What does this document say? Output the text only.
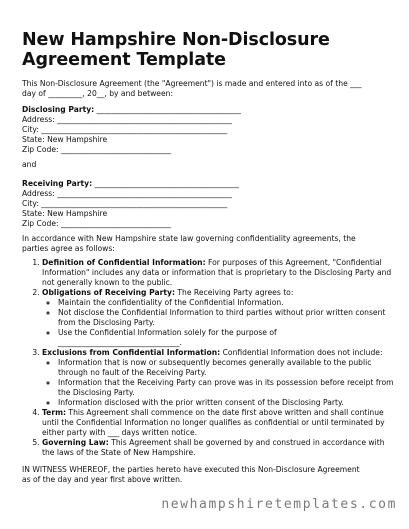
New Hampshire Non-Disclosure
Agreement Template
This Non-Disclosure Agreement (the "Agreement") is made and entered into as of the ___
day of _________, 20__, by and between:
Disclosing Party: ______________________________________
Address: ______________________________________________
City: _________________________________________________
State: New Hampshire
Zip Code: _____________________________
and
Receiving Party: ______________________________________
Address: ______________________________________________
City: _________________________________________________
State: New Hampshire
Zip Code: _____________________________
In accordance with New Hampshire state law governing confidentiality agreements, the
parties agree as follows:
1. Definition of Confidential Information: For purposes of this Agreement, "Confidential Information" includes any data or information that is proprietary to the Disclosing Party and not generally known to the public.
2. Obligations of Receiving Party: The Receiving Party agrees to:
◦ Maintain the confidentiality of the Confidential Information.
◦ Not disclose the Confidential Information to third parties without prior written consent from the Disclosing Party.
◦ Use the Confidential Information solely for the purpose of ________________________________.
3. Exclusions from Confidential Information: Confidential Information does not include:
◦ Information that is now or subsequently becomes generally available to the public through no fault of the Receiving Party.
◦ Information that the Receiving Party can prove was in its possession before receipt from the Disclosing Party.
◦ Information disclosed with the prior written consent of the Disclosing Party.
4. Term: This Agreement shall commence on the date first above written and shall continue until the Confidential Information no longer qualifies as confidential or until terminated by either party with ___ days written notice.
5. Governing Law: This Agreement shall be governed by and construed in accordance with the laws of the State of New Hampshire.
IN WITNESS WHEREOF, the parties hereto have executed this Non-Disclosure Agreement
as of the day and year first above written.
newhampshiretemplates.com
